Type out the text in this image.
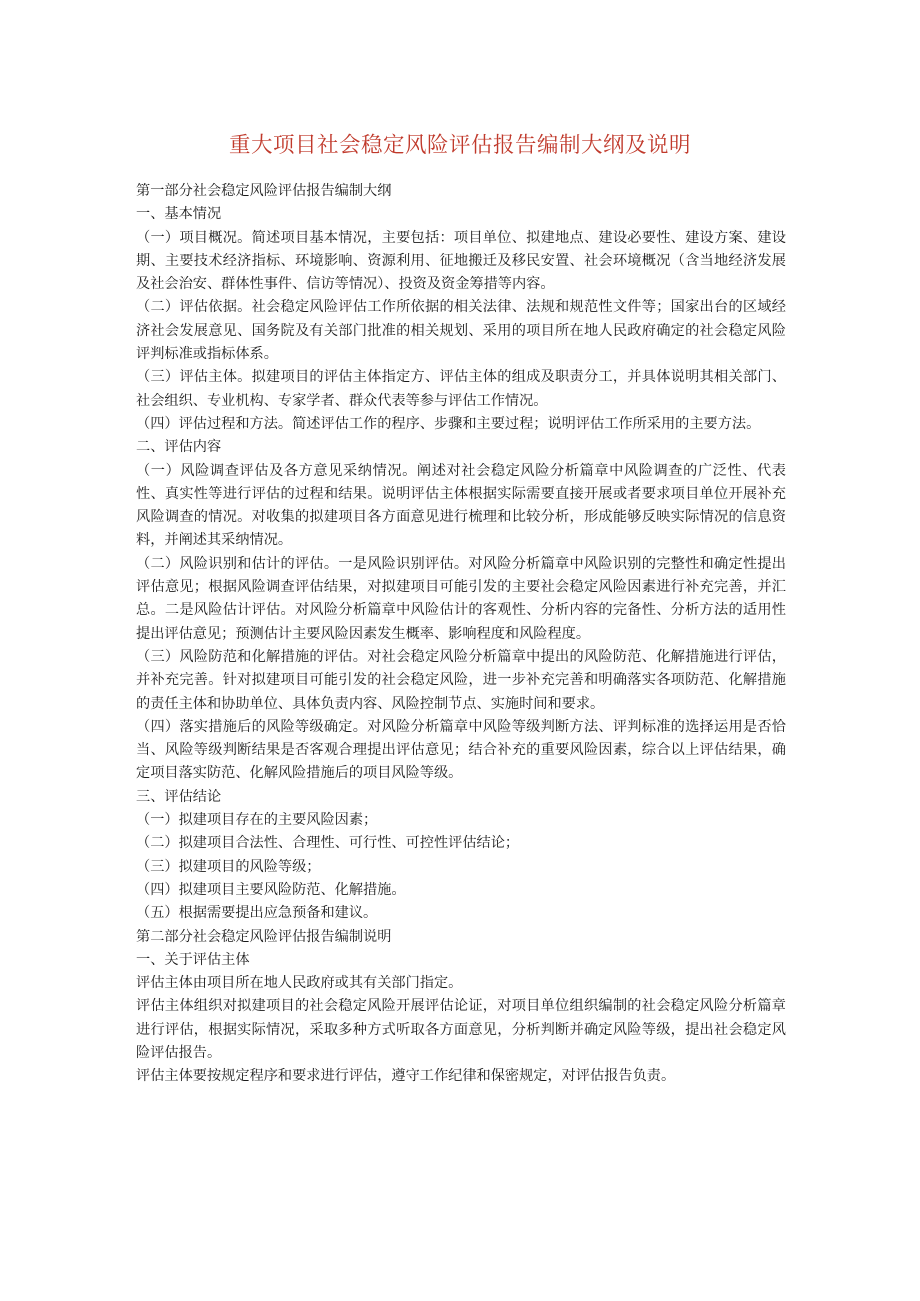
重大项目社会稳定风险评估报告编制大纲及说明

第一部分社会稳定风险评估报告编制大纲

一、基本情况

（一）项目概况。简述项目基本情况，主要包括：项目单位、拟建地点、建设必要性、建设方案、建设期、主要技术经济指标、环境影响、资源利用、征地搬迁及移民安置、社会环境概况（含当地经济发展及社会治安、群体性事件、信访等情况）、投资及资金筹措等内容。

（二）评估依据。社会稳定风险评估工作所依据的相关法律、法规和规范性文件等；国家出台的区域经济社会发展意见、国务院及有关部门批准的相关规划、采用的项目所在地人民政府确定的社会稳定风险评判标准或指标体系。

（三）评估主体。拟建项目的评估主体指定方、评估主体的组成及职责分工，并具体说明其相关部门、社会组织、专业机构、专家学者、群众代表等参与评估工作情况。

（四）评估过程和方法。简述评估工作的程序、步骤和主要过程；说明评估工作所采用的主要方法。

二、评估内容

（一）风险调查评估及各方意见采纳情况。阐述对社会稳定风险分析篇章中风险调查的广泛性、代表性、真实性等进行评估的过程和结果。说明评估主体根据实际需要直接开展或者要求项目单位开展补充风险调查的情况。对收集的拟建项目各方面意见进行梳理和比较分析，形成能够反映实际情况的信息资料，并阐述其采纳情况。

（二）风险识别和估计的评估。一是风险识别评估。对风险分析篇章中风险识别的完整性和确定性提出评估意见；根据风险调查评估结果，对拟建项目可能引发的主要社会稳定风险因素进行补充完善，并汇总。二是风险估计评估。对风险分析篇章中风险估计的客观性、分析内容的完备性、分析方法的适用性提出评估意见；预测估计主要风险因素发生概率、影响程度和风险程度。

（三）风险防范和化解措施的评估。对社会稳定风险分析篇章中提出的风险防范、化解措施进行评估，并补充完善。针对拟建项目可能引发的社会稳定风险，进一步补充完善和明确落实各项防范、化解措施的责任主体和协助单位、具体负责内容、风险控制节点、实施时间和要求。

（四）落实措施后的风险等级确定。对风险分析篇章中风险等级判断方法、评判标准的选择运用是否恰当、风险等级判断结果是否客观合理提出评估意见；结合补充的重要风险因素，综合以上评估结果，确定项目落实防范、化解风险措施后的项目风险等级。

三、评估结论

（一）拟建项目存在的主要风险因素；

（二）拟建项目合法性、合理性、可行性、可控性评估结论；

（三）拟建项目的风险等级；

（四）拟建项目主要风险防范、化解措施。

（五）根据需要提出应急预备和建议。

第二部分社会稳定风险评估报告编制说明

一、关于评估主体

评估主体由项目所在地人民政府或其有关部门指定。

评估主体组织对拟建项目的社会稳定风险开展评估论证，对项目单位组织编制的社会稳定风险分析篇章进行评估，根据实际情况，采取多种方式听取各方面意见，分析判断并确定风险等级，提出社会稳定风险评估报告。

评估主体要按规定程序和要求进行评估，遵守工作纪律和保密规定，对评估报告负责。
